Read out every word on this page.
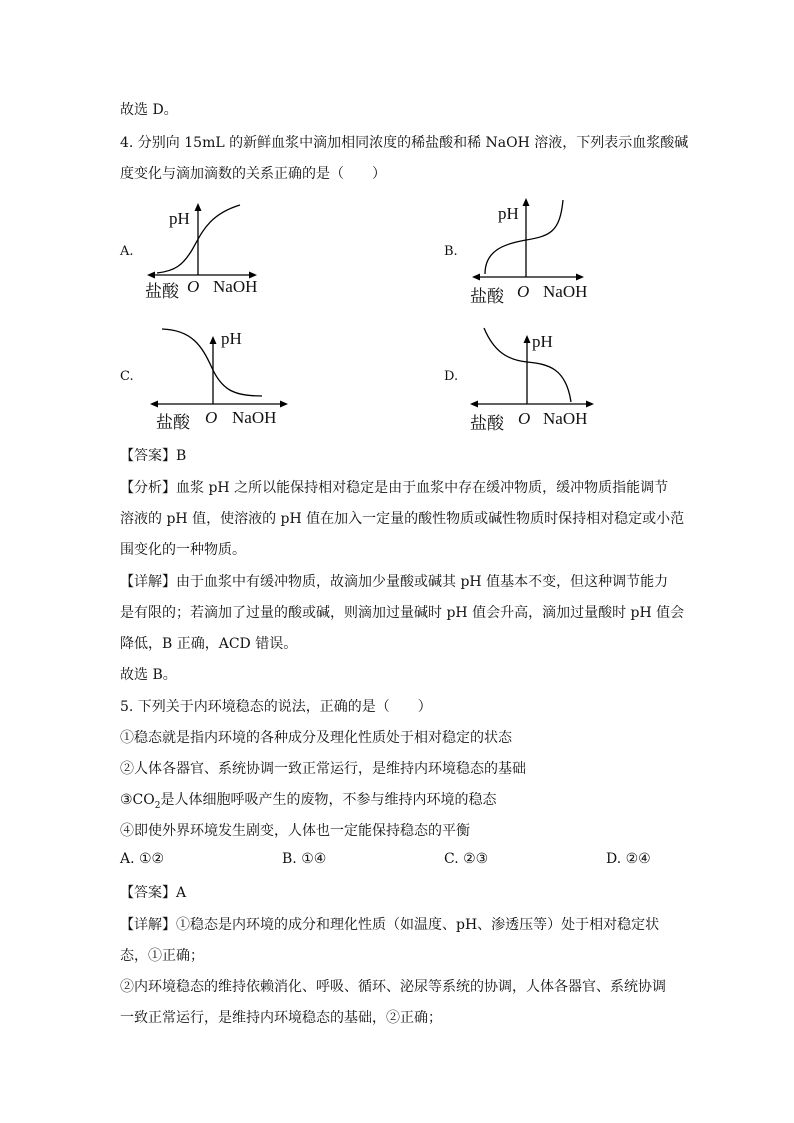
故选 D。
4. 分别向 15mL 的新鲜血浆中滴加相同浓度的稀盐酸和稀 NaOH 溶液，下列表示血浆酸碱
度变化与滴加滴数的关系正确的是（　　）
A.
pH
盐酸 O NaOH
B.
pH
盐酸 O NaOH
C.
pH
盐酸 O NaOH
D.
pH
盐酸 O NaOH
【答案】B
【分析】血浆 pH 之所以能保持相对稳定是由于血浆中存在缓冲物质，缓冲物质指能调节
溶液的 pH 值，使溶液的 pH 值在加入一定量的酸性物质或碱性物质时保持相对稳定或小范
围变化的一种物质。
【详解】由于血浆中有缓冲物质，故滴加少量酸或碱其 pH 值基本不变，但这种调节能力
是有限的；若滴加了过量的酸或碱，则滴加过量碱时 pH 值会升高，滴加过量酸时 pH 值会
降低，B 正确，ACD 错误。
故选 B。
5. 下列关于内环境稳态的说法，正确的是（　　）
①稳态就是指内环境的各种成分及理化性质处于相对稳定的状态
②人体各器官、系统协调一致正常运行，是维持内环境稳态的基础
$③CO_2$是人体细胞呼吸产生的废物，不参与维持内环境的稳态
④即使外界环境发生剧变，人体也一定能保持稳态的平衡
A. ①②	B. ①④	C. ②③	D. ②④
【答案】A
【详解】①稳态是内环境的成分和理化性质（如温度、pH、渗透压等）处于相对稳定状
态，①正确；
②内环境稳态的维持依赖消化、呼吸、循环、泌尿等系统的协调，人体各器官、系统协调
一致正常运行，是维持内环境稳态的基础，②正确；
